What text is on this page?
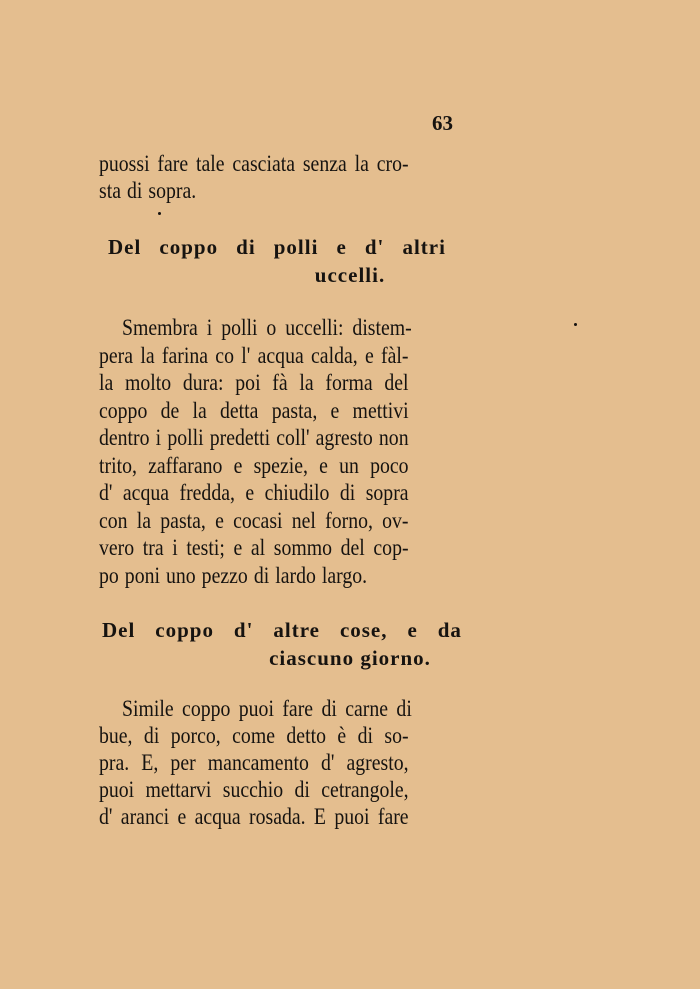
63
puossi fare tale casciata senza la cro-
sta di sopra.
Del coppo di polli e d' altri
uccelli.
Smembra i polli o uccelli: distem-
pera la farina co l' acqua calda, e fàl-
la molto dura: poi fà la forma del
coppo de la detta pasta, e mettivi
dentro i polli predetti coll' agresto non
trito, zaffarano e spezie, e un poco
d' acqua fredda, e chiudilo di sopra
con la pasta, e cocasi nel forno, ov-
vero tra i testi; e al sommo del cop-
po poni uno pezzo di lardo largo.
Del coppo d' altre cose, e da
ciascuno giorno.
Simile coppo puoi fare di carne di
bue, di porco, come detto è di so-
pra. E, per mancamento d' agresto,
puoi mettarvi succhio di cetrangole,
d' aranci e acqua rosada. E puoi fare
